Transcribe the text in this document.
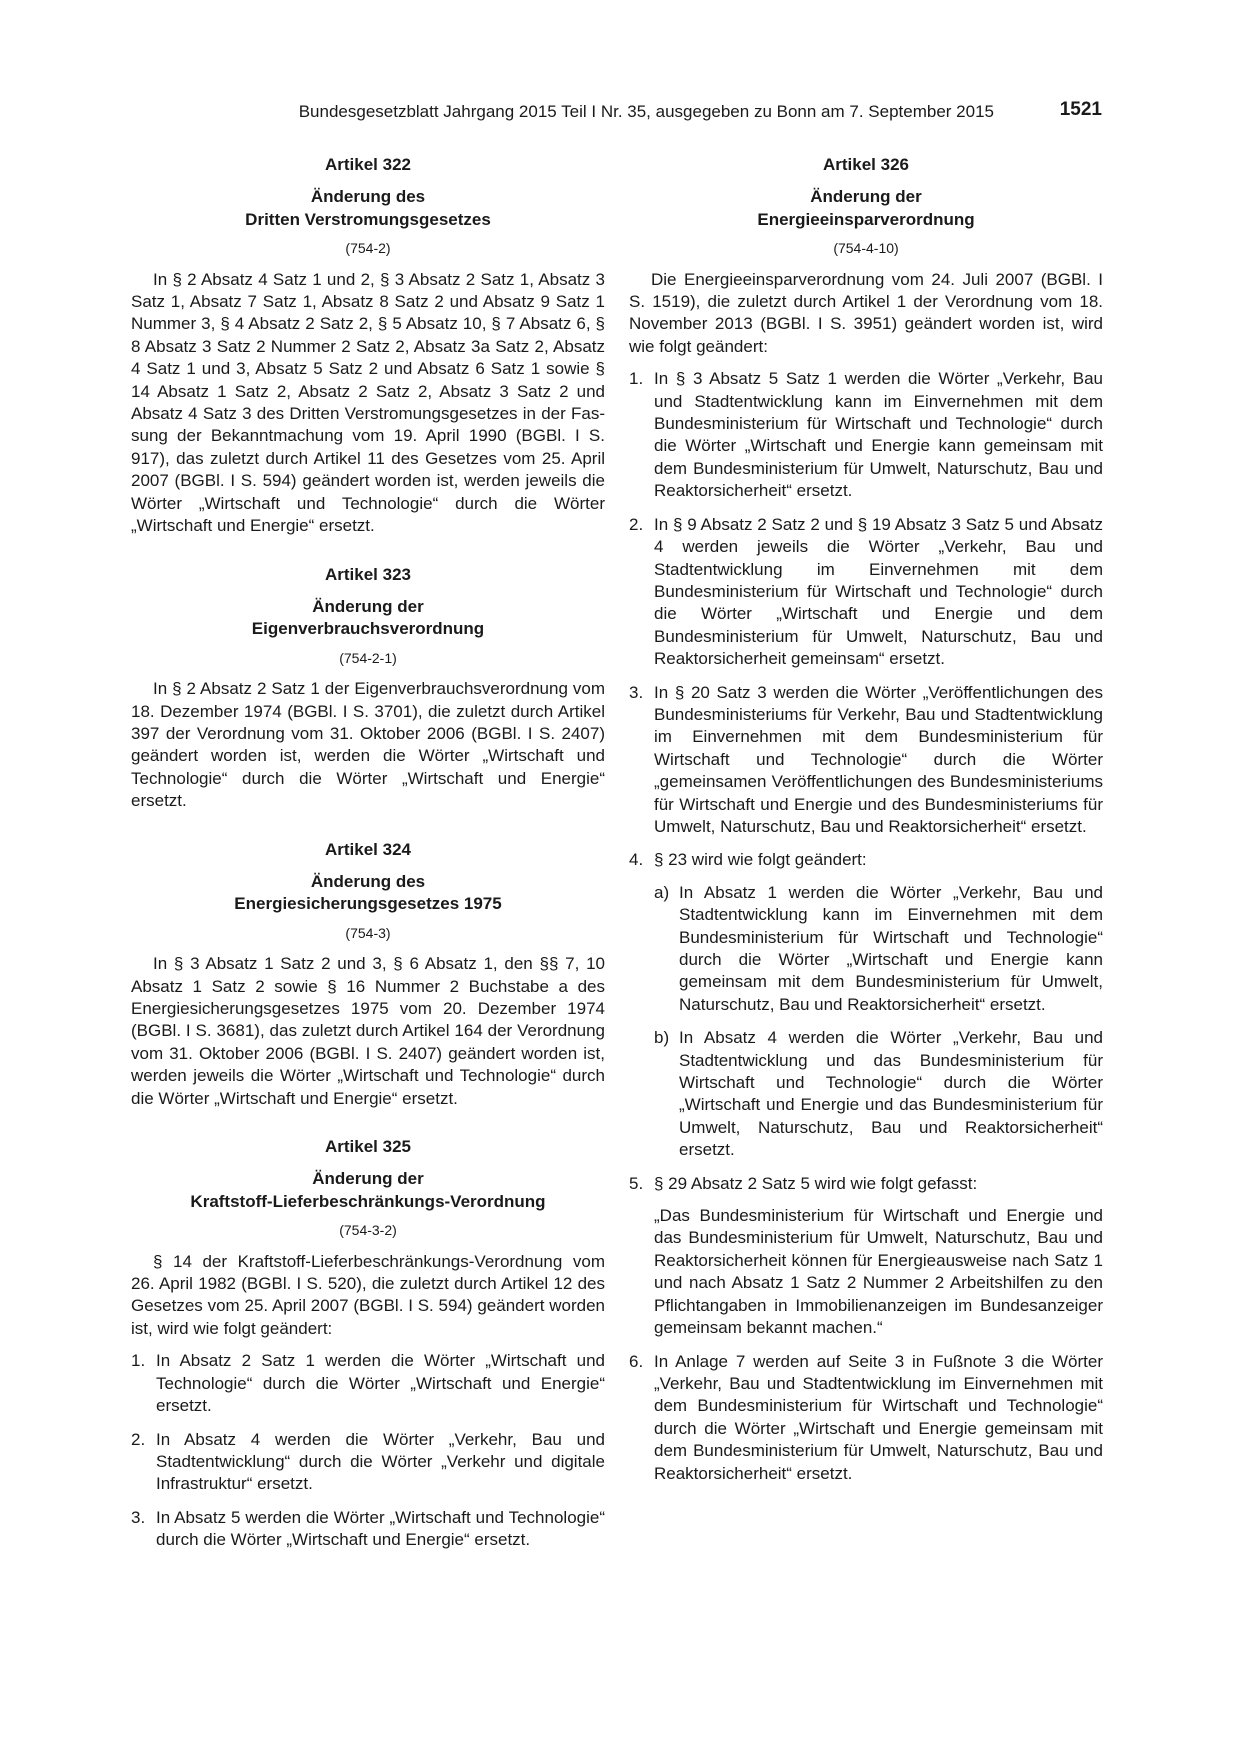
Bundesgesetzblatt Jahrgang 2015 Teil I Nr. 35, ausgegeben zu Bonn am 7. September 2015	1521

Artikel 322

Änderung des

Dritten Verstromungsgesetzes

(754-2)

In § 2 Absatz 4 Satz 1 und 2, § 3 Absatz 2 Satz 1, Absatz 3 Satz 1, Absatz 7 Satz 1, Absatz 8 Satz 2 und Absatz 9 Satz 1 Nummer 3, § 4 Absatz 2 Satz 2, § 5 Absatz 10, § 7 Absatz 6, § 8 Absatz 3 Satz 2 Nummer 2 Satz 2, Absatz 3a Satz 2, Absatz 4 Satz 1 und 3, Absatz 5 Satz 2 und Absatz 6 Satz 1 sowie § 14 Absatz 1 Satz 2, Absatz 2 Satz 2, Absatz 3 Satz 2 und Absatz 4 Satz 3 des Dritten Verstromungsgesetzes in der Fassung der Bekanntmachung vom 19. April 1990 (BGBl. I S. 917), das zuletzt durch Artikel 11 des Gesetzes vom 25. April 2007 (BGBl. I S. 594) geändert worden ist, werden jeweils die Wörter „Wirtschaft und Technologie“ durch die Wörter „Wirtschaft und Energie“ ersetzt.

Artikel 323

Änderung der

Eigenverbrauchsverordnung

(754-2-1)

In § 2 Absatz 2 Satz 1 der Eigenverbrauchsverordnung vom 18. Dezember 1974 (BGBl. I S. 3701), die zuletzt durch Artikel 397 der Verordnung vom 31. Oktober 2006 (BGBl. I S. 2407) geändert worden ist, werden die Wörter „Wirtschaft und Technologie“ durch die Wörter „Wirtschaft und Energie“ ersetzt.

Artikel 324

Änderung des

Energiesicherungsgesetzes 1975

(754-3)

In § 3 Absatz 1 Satz 2 und 3, § 6 Absatz 1, den §§ 7, 10 Absatz 1 Satz 2 sowie § 16 Nummer 2 Buchstabe a des Energiesicherungsgesetzes 1975 vom 20. Dezember 1974 (BGBl. I S. 3681), das zuletzt durch Artikel 164 der Verordnung vom 31. Oktober 2006 (BGBl. I S. 2407) geändert worden ist, werden jeweils die Wörter „Wirtschaft und Technologie“ durch die Wörter „Wirtschaft und Energie“ ersetzt.

Artikel 325

Änderung der

Kraftstoff-Lieferbeschränkungs-Verordnung

(754-3-2)

§ 14 der Kraftstoff-Lieferbeschränkungs-Verordnung vom 26. April 1982 (BGBl. I S. 520), die zuletzt durch Artikel 12 des Gesetzes vom 25. April 2007 (BGBl. I S. 594) geändert worden ist, wird wie folgt geändert:

1. In Absatz 2 Satz 1 werden die Wörter „Wirtschaft und Technologie“ durch die Wörter „Wirtschaft und Energie“ ersetzt.
2. In Absatz 4 werden die Wörter „Verkehr, Bau und Stadtentwicklung“ durch die Wörter „Verkehr und digitale Infrastruktur“ ersetzt.
3. In Absatz 5 werden die Wörter „Wirtschaft und Technologie“ durch die Wörter „Wirtschaft und Energie“ ersetzt.

Artikel 326

Änderung der

Energieeinsparverordnung

(754-4-10)

Die Energieeinsparverordnung vom 24. Juli 2007 (BGBl. I S. 1519), die zuletzt durch Artikel 1 der Verordnung vom 18. November 2013 (BGBl. I S. 3951) geändert worden ist, wird wie folgt geändert:

1. In § 3 Absatz 5 Satz 1 werden die Wörter „Verkehr, Bau und Stadtentwicklung kann im Einvernehmen mit dem Bundesministerium für Wirtschaft und Technologie“ durch die Wörter „Wirtschaft und Energie kann gemeinsam mit dem Bundesministerium für Umwelt, Naturschutz, Bau und Reaktorsicherheit“ ersetzt.
2. In § 9 Absatz 2 Satz 2 und § 19 Absatz 3 Satz 5 und Absatz 4 werden jeweils die Wörter „Verkehr, Bau und Stadtentwicklung im Einvernehmen mit dem Bundesministerium für Wirtschaft und Technologie“ durch die Wörter „Wirtschaft und Energie und dem Bundesministerium für Umwelt, Naturschutz, Bau und Reaktorsicherheit gemeinsam“ ersetzt.
3. In § 20 Satz 3 werden die Wörter „Veröffentlichungen des Bundesministeriums für Verkehr, Bau und Stadtentwicklung im Einvernehmen mit dem Bundesministerium für Wirtschaft und Technologie“ durch die Wörter „gemeinsamen Veröffentlichungen des Bundesministeriums für Wirtschaft und Energie und des Bundesministeriums für Umwelt, Naturschutz, Bau und Reaktorsicherheit“ ersetzt.
4. § 23 wird wie folgt geändert:
a) In Absatz 1 werden die Wörter „Verkehr, Bau und Stadtentwicklung kann im Einvernehmen mit dem Bundesministerium für Wirtschaft und Technologie“ durch die Wörter „Wirtschaft und Energie kann gemeinsam mit dem Bundesministerium für Umwelt, Naturschutz, Bau und Reaktorsicherheit“ ersetzt.
b) In Absatz 4 werden die Wörter „Verkehr, Bau und Stadtentwicklung und das Bundesministerium für Wirtschaft und Technologie“ durch die Wörter „Wirtschaft und Energie und das Bundesministerium für Umwelt, Naturschutz, Bau und Reaktorsicherheit“ ersetzt.
5. § 29 Absatz 2 Satz 5 wird wie folgt gefasst:
„Das Bundesministerium für Wirtschaft und Energie und das Bundesministerium für Umwelt, Naturschutz, Bau und Reaktorsicherheit können für Energieausweise nach Satz 1 und nach Absatz 1 Satz 2 Nummer 2 Arbeitshilfen zu den Pflichtangaben in Immobilienanzeigen im Bundesanzeiger gemeinsam bekannt machen.“
6. In Anlage 7 werden auf Seite 3 in Fußnote 3 die Wörter „Verkehr, Bau und Stadtentwicklung im Einvernehmen mit dem Bundesministerium für Wirtschaft und Technologie“ durch die Wörter „Wirtschaft und Energie gemeinsam mit dem Bundesministerium für Umwelt, Naturschutz, Bau und Reaktorsicherheit“ ersetzt.
